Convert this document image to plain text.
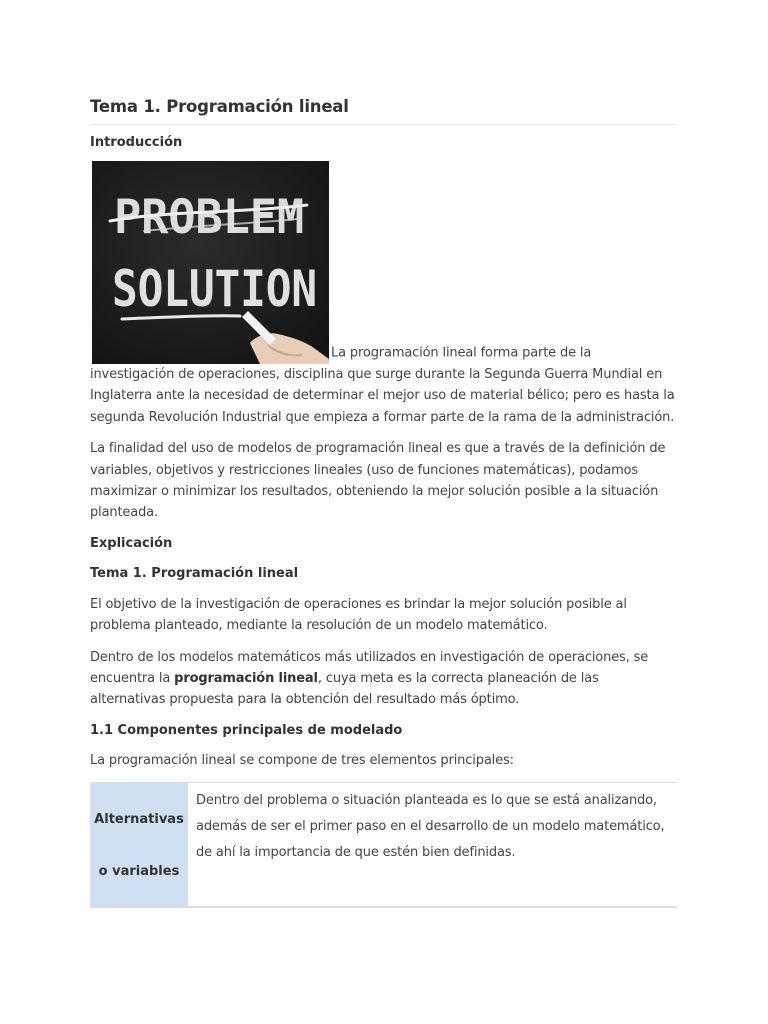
Tema 1. Programación lineal
Introducción

PROBLEM
SOLUTION
La programación lineal forma parte de la investigación de operaciones, disciplina que surge durante la Segunda Guerra Mundial en Inglaterra ante la necesidad de determinar el mejor uso de material bélico; pero es hasta la segunda Revolución Industrial que empieza a formar parte de la rama de la administración.

La finalidad del uso de modelos de programación lineal es que a través de la definición de variables, objetivos y restricciones lineales (uso de funciones matemáticas), podamos maximizar o minimizar los resultados, obteniendo la mejor solución posible a la situación planteada.

Explicación
Tema 1. Programación lineal

El objetivo de la investigación de operaciones es brindar la mejor solución posible al problema planteado, mediante la resolución de un modelo matemático.

Dentro de los modelos matemáticos más utilizados en investigación de operaciones, se encuentra la programación lineal, cuya meta es la correcta planeación de las alternativas propuesta para la obtención del resultado más óptimo.

1.1 Componentes principales de modelado

La programación lineal se compone de tres elementos principales:

Alternativas

o variables

Dentro del problema o situación planteada es lo que se está analizando, además de ser el primer paso en el desarrollo de un modelo matemático, de ahí la importancia de que estén bien definidas.
